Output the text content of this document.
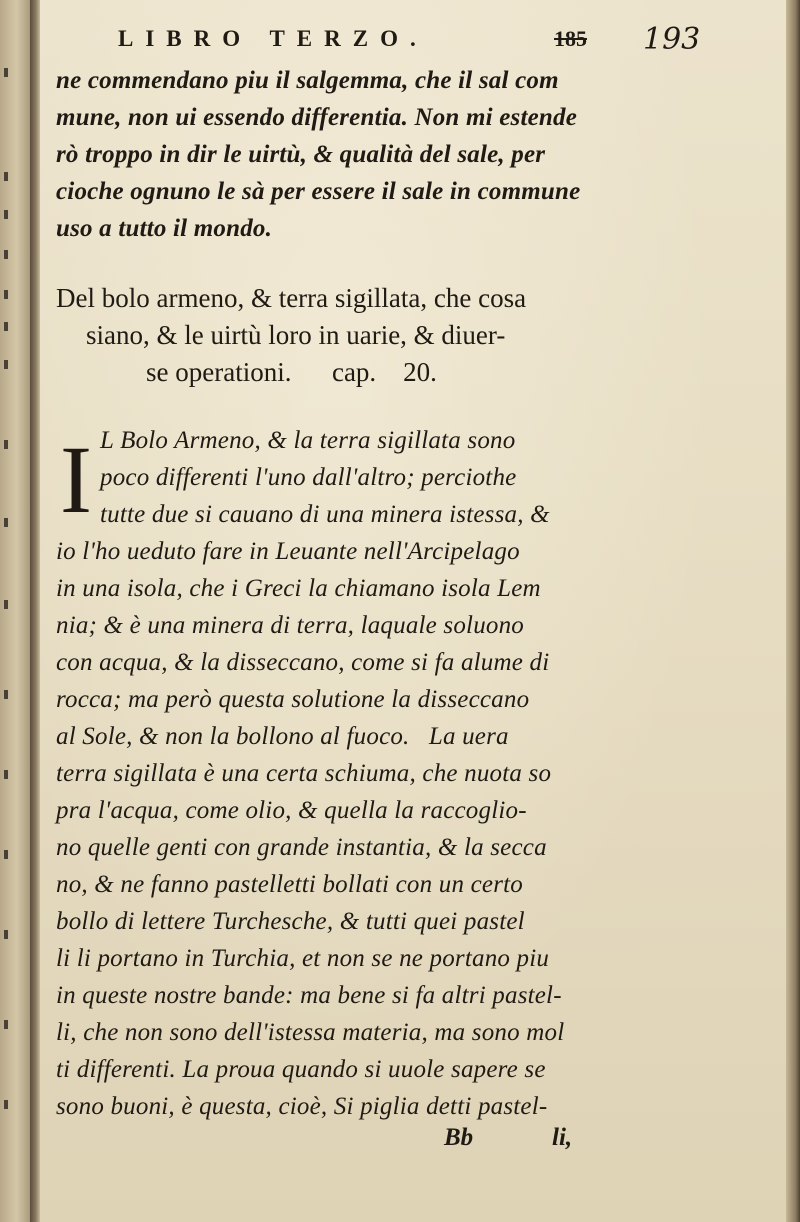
LIBRO TERZO.	185 193
ne commendano piu il salgemma, che il sal com
mune, non ui essendo differentia. Non mi estende
rò troppo in dir le uirtù, & qualità del sale, per
cioche ognuno le sà per essere il sale in commune
uso a tutto il mondo.
Del bolo armeno, & terra sigillata, che cosa
siano, & le uirtù loro in uarie, & diuer-
se operationi.      cap.    20.
I L Bolo Armeno, & la terra sigillata sono
poco differenti l'uno dall'altro; perciothe
tutte due si cauano di una minera istessa, &
io l'ho ueduto fare in Leuante nell'Arcipelago
in una isola, che i Greci la chiamano isola Lem
nia; & è una minera di terra, laquale soluono
con acqua, & la disseccano, come si fa alume di
rocca; ma però questa solutione la disseccano
al Sole, & non la bollono al fuoco.   La uera
terra sigillata è una certa schiuma, che nuota so
pra l'acqua, come olio, & quella la raccoglio-
no quelle genti con grande instantia, & la secca
no, & ne fanno pastelletti bollati con un certo
bollo di lettere Turchesche, & tutti quei pastel
li li portano in Turchia, et non se ne portano piu
in queste nostre bande: ma bene si fa altri pastel-
li, che non sono dell'istessa materia, ma sono mol
ti differenti. La proua quando si uuole sapere se
sono buoni, è questa, cioè, Si piglia detti pastel-
Bb	li,
